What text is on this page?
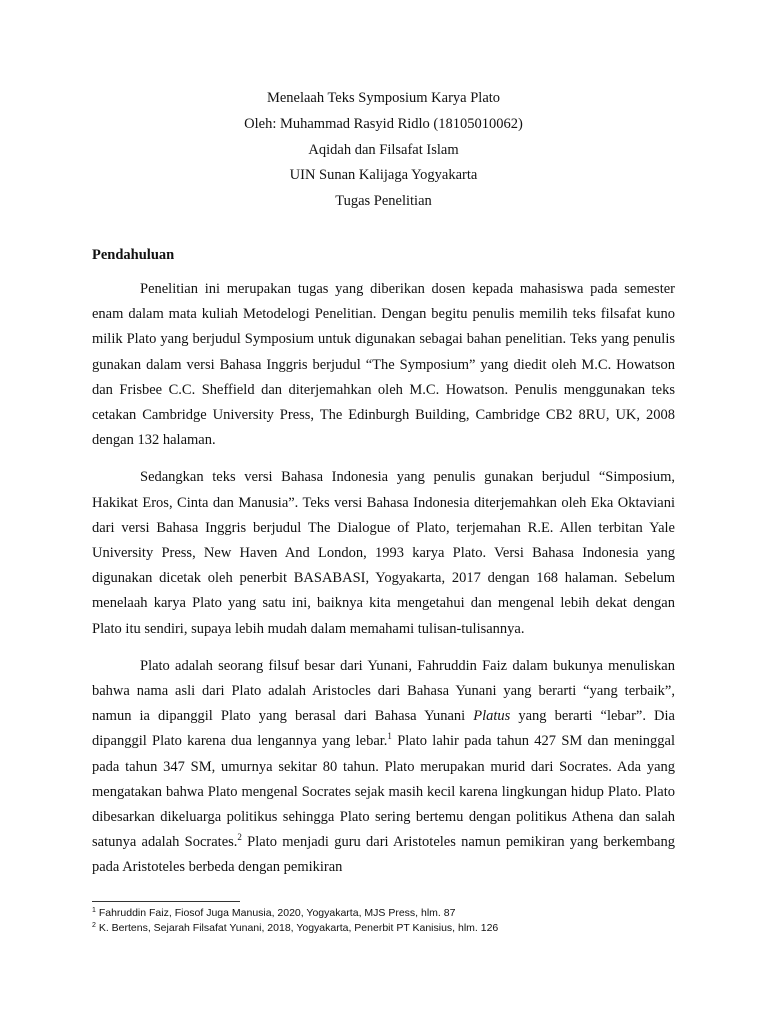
Menelaah Teks Symposium Karya Plato
Oleh: Muhammad Rasyid Ridlo (18105010062)
Aqidah dan Filsafat Islam
UIN Sunan Kalijaga Yogyakarta
Tugas Penelitian
Pendahuluan

Penelitian ini merupakan tugas yang diberikan dosen kepada mahasiswa pada semester enam dalam mata kuliah Metodelogi Penelitian. Dengan begitu penulis memilih teks filsafat kuno milik Plato yang berjudul Symposium untuk digunakan sebagai bahan penelitian. Teks yang penulis gunakan dalam versi Bahasa Inggris berjudul “The Symposium” yang diedit oleh M.C. Howatson dan Frisbee C.C. Sheffield dan diterjemahkan oleh M.C. Howatson. Penulis menggunakan teks cetakan Cambridge University Press, The Edinburgh Building, Cambridge CB2 8RU, UK, 2008 dengan 132 halaman.

Sedangkan teks versi Bahasa Indonesia yang penulis gunakan berjudul “Simposium, Hakikat Eros, Cinta dan Manusia”. Teks versi Bahasa Indonesia diterjemahkan oleh Eka Oktaviani dari versi Bahasa Inggris berjudul The Dialogue of Plato, terjemahan R.E. Allen terbitan Yale University Press, New Haven And London, 1993 karya Plato. Versi Bahasa Indonesia yang digunakan dicetak oleh penerbit BASABASI, Yogyakarta, 2017 dengan 168 halaman. Sebelum menelaah karya Plato yang satu ini, baiknya kita mengetahui dan mengenal lebih dekat dengan Plato itu sendiri, supaya lebih mudah dalam memahami tulisan-tulisannya.

Plato adalah seorang filsuf besar dari Yunani, Fahruddin Faiz dalam bukunya menuliskan bahwa nama asli dari Plato adalah Aristocles dari Bahasa Yunani yang berarti “yang terbaik”, namun ia dipanggil Plato yang berasal dari Bahasa Yunani Platus yang berarti “lebar”. Dia dipanggil Plato karena dua lengannya yang lebar.$^1$ Plato lahir pada tahun 427 SM dan meninggal pada tahun 347 SM, umurnya sekitar 80 tahun. Plato merupakan murid dari Socrates. Ada yang mengatakan bahwa Plato mengenal Socrates sejak masih kecil karena lingkungan hidup Plato. Plato dibesarkan dikeluarga politikus sehingga Plato sering bertemu dengan politikus Athena dan salah satunya adalah Socrates.$^2$ Plato menjadi guru dari Aristoteles namun pemikiran yang berkembang pada Aristoteles berbeda dengan pemikiran

$^1$ Fahruddin Faiz, Fiosof Juga Manusia, 2020, Yogyakarta, MJS Press, hlm. 87
$^2$ K. Bertens, Sejarah Filsafat Yunani, 2018, Yogyakarta, Penerbit PT Kanisius, hlm. 126
